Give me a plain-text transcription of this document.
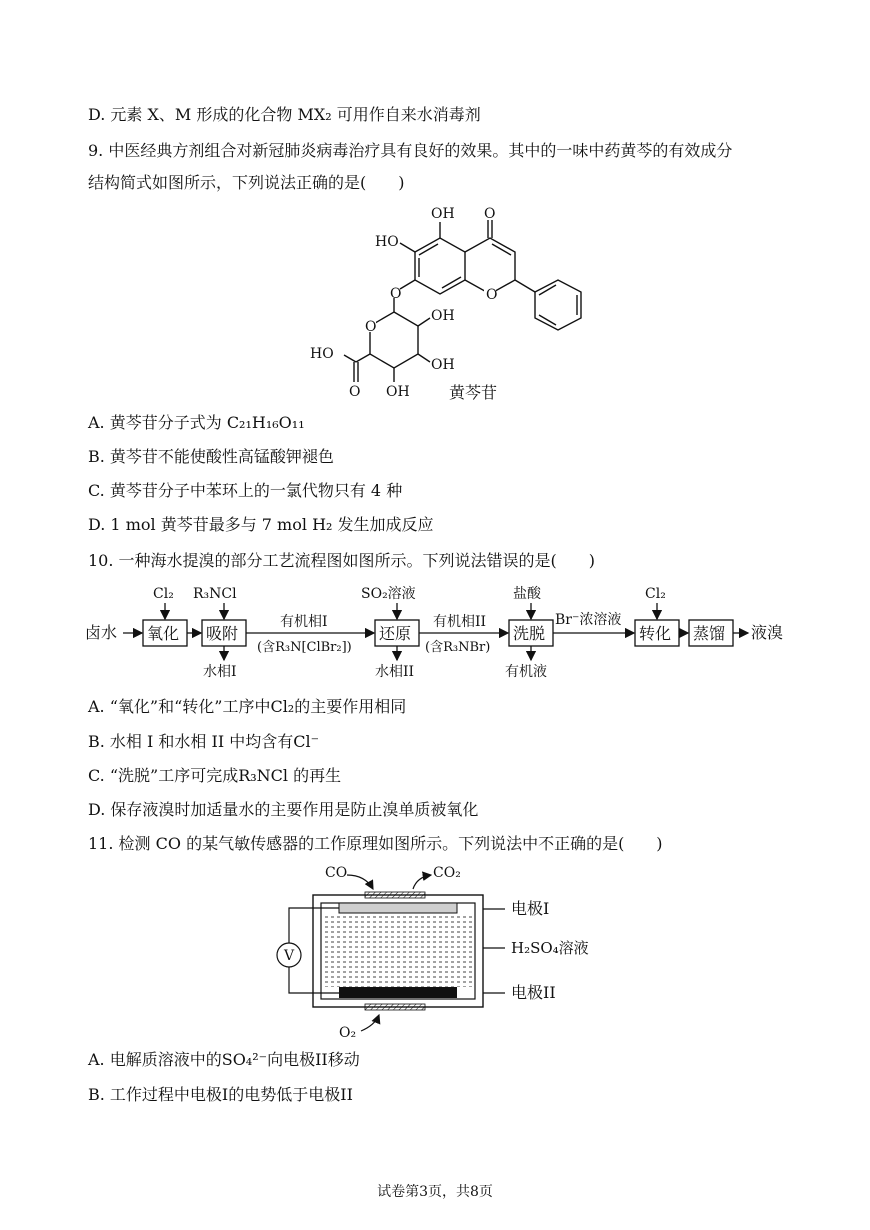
D. 元素 X、M 形成的化合物 MX₂ 可用作自来水消毒剂
9. 中医经典方剂组合对新冠肺炎病毒治疗具有良好的效果。其中的一味中药黄芩的有效成分
结构简式如图所示，下列说法正确的是(　　)
OH O
HO
O	O
O
OH
HO
OH
OH
O	黄芩苷
A. 黄芩苷分子式为 C₂₁H₁₆O₁₁
B. 黄芩苷不能使酸性高锰酸钾褪色
C. 黄芩苷分子中苯环上的一氯代物只有 4 种
D. 1 mol 黄芩苷最多与 7 mol H₂ 发生加成反应
10. 一种海水提溴的部分工艺流程图如图所示。下列说法错误的是(　　)
卤水 氧化 吸附	还原	洗脱	转化 蒸馏 液溴
Cl₂ R₃NCl	SO₂溶液	盐酸	Cl₂
水相I	水相II	有机液
有机相I
(含R₃N[ClBr₂])
有机相II
(含R₃NBr)
Br⁻浓溶液
A. “氧化”和“转化”工序中Cl₂的主要作用相同
B. 水相 I 和水相 II 中均含有Cl⁻
C. “洗脱”工序可完成R₃NCl 的再生
D. 保存液溴时加适量水的主要作用是防止溴单质被氧化
11. 检测 CO 的某气敏传感器的工作原理如图所示。下列说法中不正确的是(　　)
V
CO	CO₂
O₂
电极I
H₂SO₄溶液
电极II
A. 电解质溶液中的SO₄²⁻向电极II移动
B. 工作过程中电极I的电势低于电极II
试卷第3页，共8页
